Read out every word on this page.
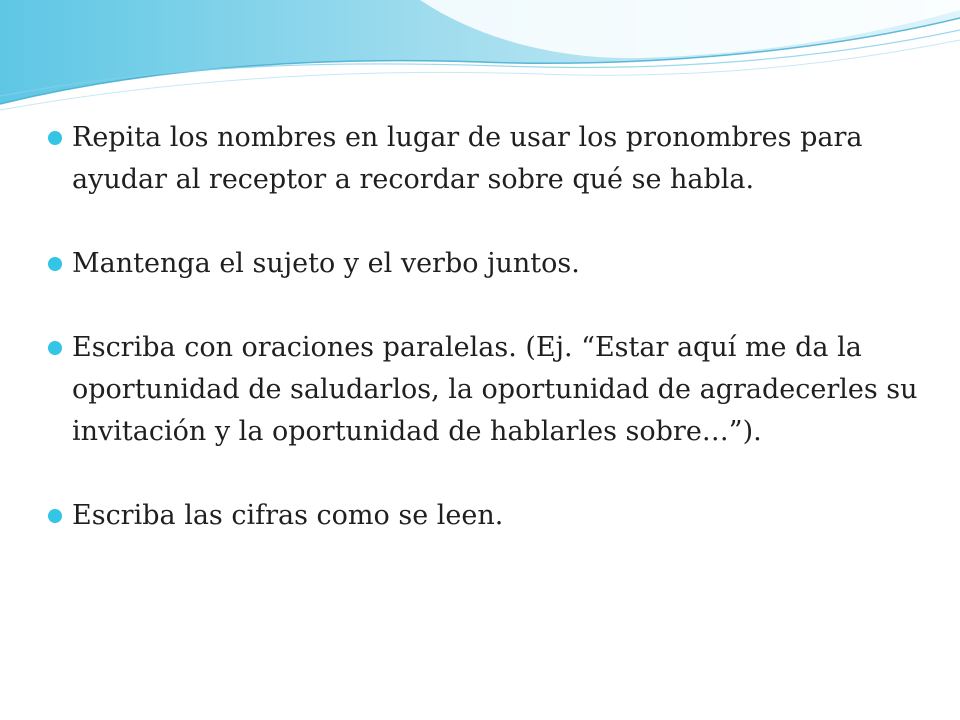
Repita los nombres en lugar de usar los pronombres para ayudar al receptor a recordar sobre qué se habla.
Mantenga el sujeto y el verbo juntos.
Escriba con oraciones paralelas. (Ej. “Estar aquí me da la oportunidad de saludarlos, la oportunidad de agradecerles su invitación y la oportunidad de hablarles sobre…”).
Escriba las cifras como se leen.
